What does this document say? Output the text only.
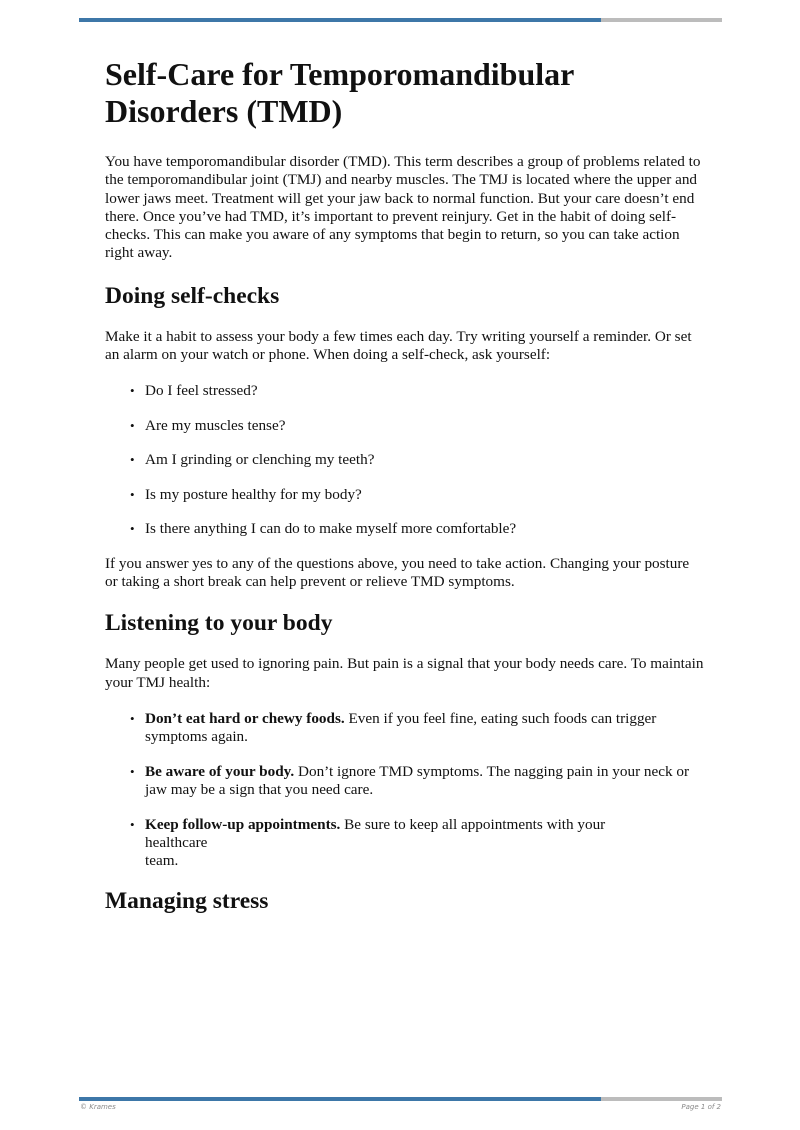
Self-Care for Temporomandibular Disorders (TMD)

You have temporomandibular disorder (TMD). This term describes a group of problems related to the temporomandibular joint (TMJ) and nearby muscles. The TMJ is located where the upper and lower jaws meet. Treatment will get your jaw back to normal function. But your care doesn’t end there. Once you’ve had TMD, it’s important to prevent reinjury. Get in the habit of doing self-checks. This can make you aware of any symptoms that begin to return, so you can take action right away.

Doing self-checks

Make it a habit to assess your body a few times each day. Try writing yourself a reminder. Or set an alarm on your watch or phone. When doing a self-check, ask yourself:

• Do I feel stressed?
• Are my muscles tense?
• Am I grinding or clenching my teeth?
• Is my posture healthy for my body?
• Is there anything I can do to make myself more comfortable?

If you answer yes to any of the questions above, you need to take action. Changing your posture or taking a short break can help prevent or relieve TMD symptoms.

Listening to your body

Many people get used to ignoring pain. But pain is a signal that your body needs care. To maintain your TMJ health:

• Don’t eat hard or chewy foods. Even if you feel fine, eating such foods can trigger symptoms again.
• Be aware of your body. Don’t ignore TMD symptoms. The nagging pain in your neck or jaw may be a sign that you need care.
• Keep follow-up appointments. Be sure to keep all appointments with your
healthcare
team.
Managing stress
© Krames	Page 1 of 2
